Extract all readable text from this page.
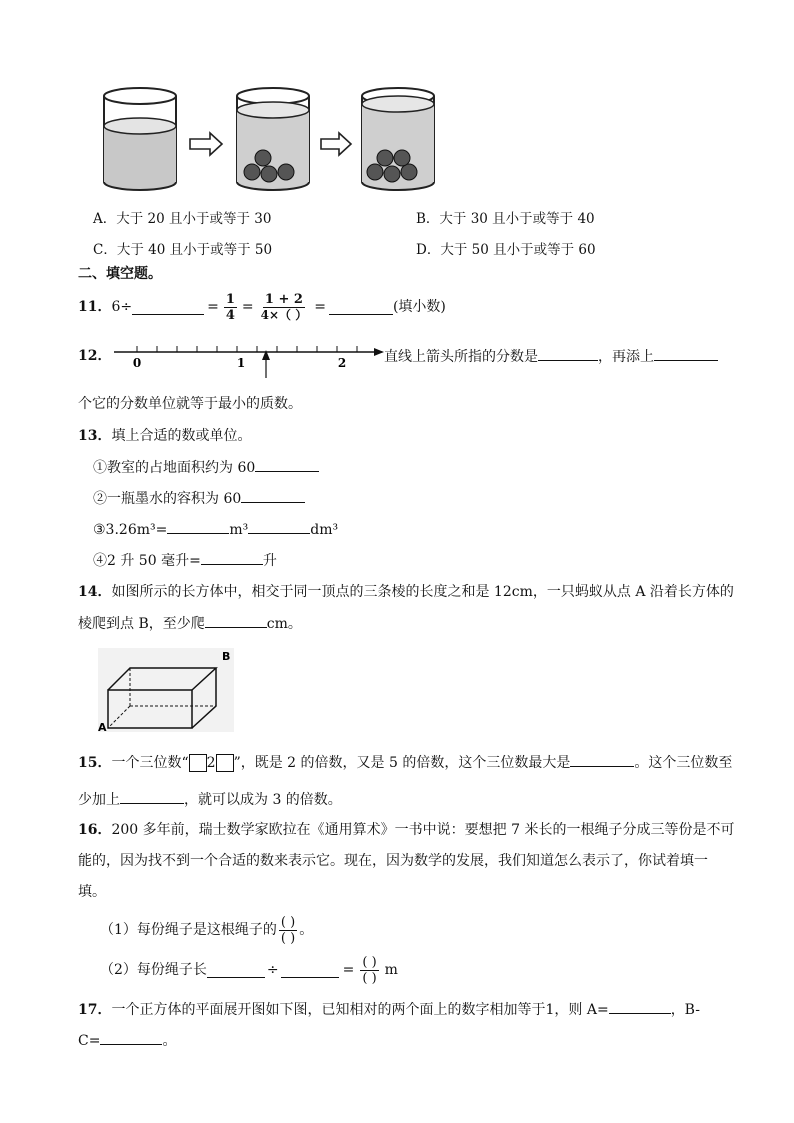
A．大于 20 且小于或等于 30	B．大于 30 且小于或等于 40
C．大于 40 且小于或等于 50	D．大于 50 且小于或等于 60
二、填空题。
11． 6÷	= $\frac{1}{4} = \frac{1 + 2}{4\times( )}$ =	(填小数)
12． 0	1	2	直线上箭头所指的分数是	，再添上
个它的分数单位就等于最小的质数。
13．填上合适的数或单位。
①教室的占地面积约为 60
②一瓶墨水的容积为 60
③3.26m³=	m³	dm³
④2 升 50 毫升=	升
14．如图所示的长方体中，相交于同一顶点的三条棱的长度之和是 12cm，一只蚂蚁从点 A 沿着长方体的
棱爬到点 B，至少爬	cm。
B
A
15．一个三位数“ 2 ”，既是 2 的倍数，又是 5 的倍数，这个三位数最大是	。这个三位数至
少加上	，就可以成为 3 的倍数。
16．200 多年前，瑞士数学家欧拉在《通用算术》一书中说：要想把 7 米长的一根绳子分成三等份是不可
能的，因为找不到一个合适的数来表示它。现在，因为数学的发展，我们知道怎么表示了，你试着填一
填。
（1）每份绳子是这根绳子的 $\frac{( )}{( )}$ 。
（2）每份绳子长	÷	= $\frac{( )}{( )}$ m
17．一个正方体的平面展开图如下图，已知相对的两个面上的数字相加等于1，则 A=	，B-
C=	。
